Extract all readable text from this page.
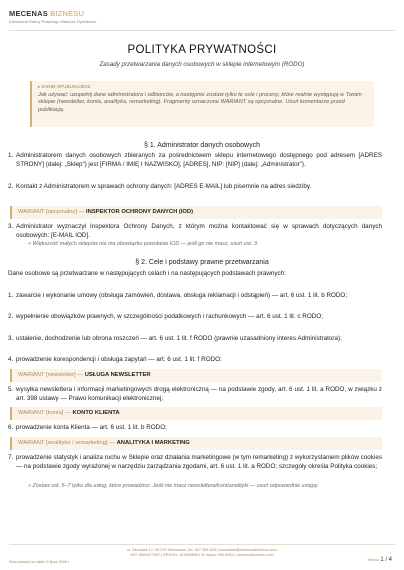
MECENAS BIZNESU
Kancelaria Radcy Prawnego Mateusz Dyśkiewicz
POLITYKA PRYWATNOŚCI
Zasady przetwarzania danych osobowych w sklepie internetowym (RODO)
▸ ZANIM OPUBLIKUJESZ
Jak używać: uzupełnij dane administratora i odbiorców, a następnie zostaw tylko te cele i procesy, które realnie występują w Twoim sklepie (newsletter, konta, analityka, remarketing). Fragmenty oznaczone WARIANT są opcjonalne. Usuń komentarze przed publikacją.
§ 1. Administrator danych osobowych
1. Administratorem danych osobowych zbieranych za pośrednictwem sklepu internetowego dostępnego pod adresem [ADRES STRONY] (dalej: „Sklep”) jest [FIRMA / IMIĘ I NAZWISKO], [ADRES], NIP: [NIP] (dalej: „Administrator”).
2. Kontakt z Administratorem w sprawach ochrony danych: [ADRES E-MAIL] lub pisemnie na adres siedziby.
WARIANT [opcjonalny] — INSPEKTOR OCHRONY DANYCH (IOD)
3. Administrator wyznaczył Inspektora Ochrony Danych, z którym można kontaktować się w sprawach dotyczących danych osobowych: [E-MAIL IOD].
» Większość małych sklepów nie ma obowiązku powołania IOD — jeśli go nie masz, usuń ust. 3.
§ 2. Cele i podstawy prawne przetwarzania
Dane osobowe są przetwarzane w następujących celach i na następujących podstawach prawnych:
1. zawarcie i wykonanie umowy (obsługa zamówień, dostawa, obsługa reklamacji i odstąpień) — art. 6 ust. 1 lit. b RODO;
2. wypełnienie obowiązków prawnych, w szczególności podatkowych i rachunkowych — art. 6 ust. 1 lit. c RODO;
3. ustalenie, dochodzenie lub obrona roszczeń — art. 6 ust. 1 lit. f RODO (prawnie uzasadniony interes Administratora);
4. prowadzenie korespondencji i obsługa zapytań — art. 6 ust. 1 lit. f RODO;
WARIANT [newsletter] — USŁUGA NEWSLETTER
5. wysyłka newslettera i informacji marketingowych drogą elektroniczną — na podstawie zgody, art. 6 ust. 1 lit. a RODO, w związku z art. 398 ustawy — Prawo komunikacji elektronicznej;
WARIANT [konta] — KONTO KLIENTA
6. prowadzenie konta Klienta — art. 6 ust. 1 lit. b RODO;
WARIANT [analityka / remarketing] — ANALITYKA I MARKETING
7. prowadzenie statystyk i analiza ruchu w Sklepie oraz działania marketingowe (w tym remarketing) z wykorzystaniem plików cookies — na podstawie zgody wyrażonej w narzędziu zarządzania zgodami, art. 6 ust. 1 lit. a RODO; szczegóły określa Polityka cookies;
» Zostaw ust. 5–7 tylko dla usług, które prowadzisz. Jeśli nie masz newslettera/kont/analityki — usuń odpowiednie ustępy.
ul. Miodowa 12, 00-000 Warszawa | tel. 507 365 305 | kancelaria@mecenasbiznesu.com
NIP: 8581627697 | REGON: 367689858 | Nr wpisu: WA-8964 | mecenasbiznesu.com
Stan prawny na dzień 8 lipca 2026 r.	Strona 1 / 4
